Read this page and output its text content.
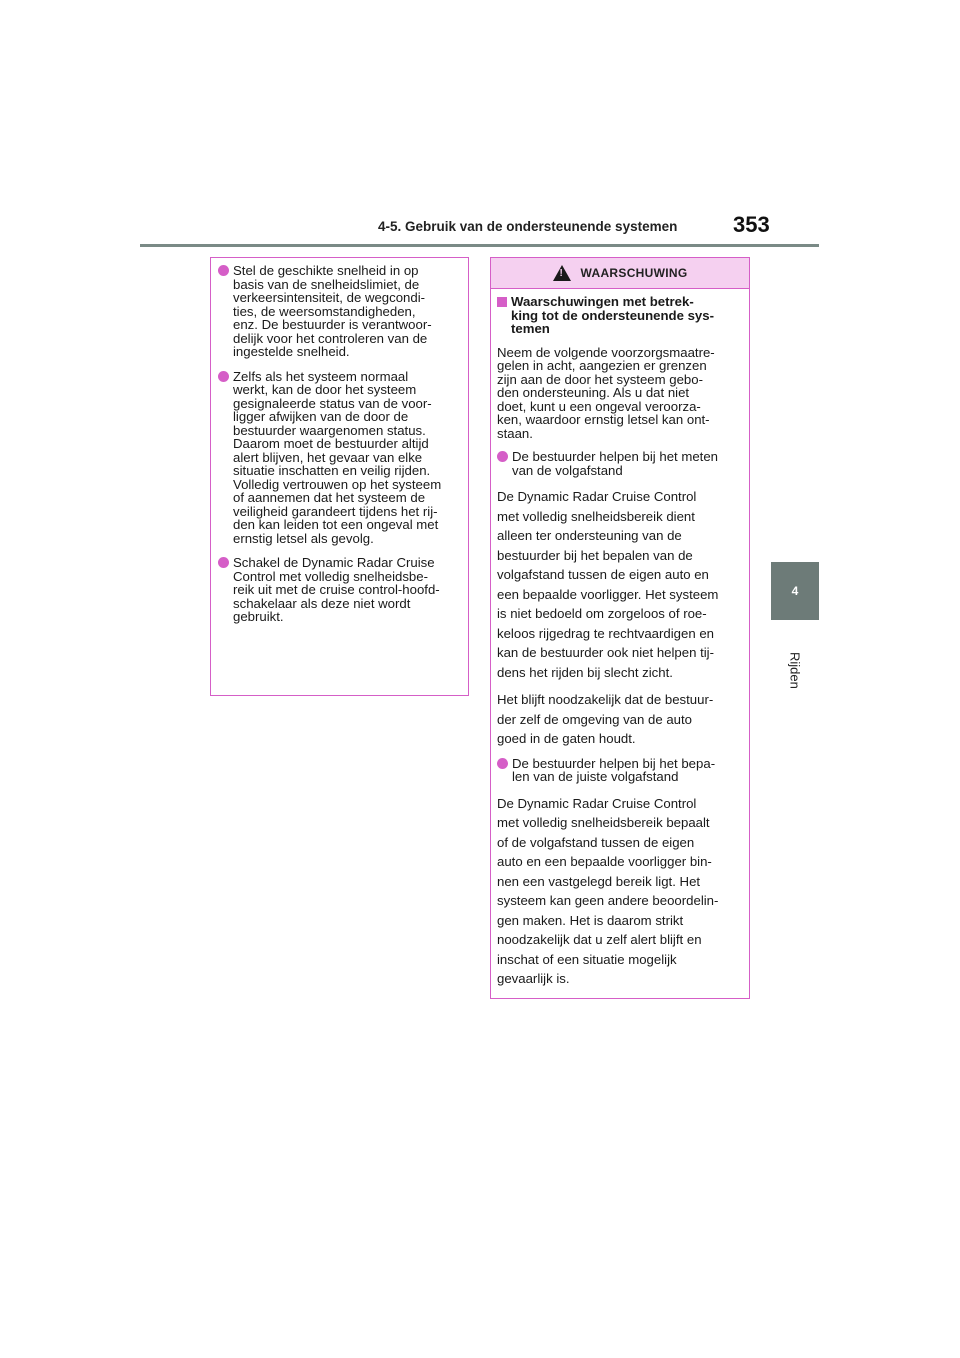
4-5. Gebruik van de ondersteunende systemen	353
4
Rijden
Stel de geschikte snelheid in op
basis van de snelheidslimiet, de
verkeersintensiteit, de wegcondi-
ties, de weersomstandigheden,
enz. De bestuurder is verantwoor-
delijk voor het controleren van de
ingestelde snelheid.
Zelfs als het systeem normaal
werkt, kan de door het systeem
gesignaleerde status van de voor-
ligger afwijken van de door de
bestuurder waargenomen status.
Daarom moet de bestuurder altijd
alert blijven, het gevaar van elke
situatie inschatten en veilig rijden.
Volledig vertrouwen op het systeem
of aannemen dat het systeem de
veiligheid garandeert tijdens het rij-
den kan leiden tot een ongeval met
ernstig letsel als gevolg.
Schakel de Dynamic Radar Cruise
Control met volledig snelheidsbe-
reik uit met de cruise control-hoofd-
schakelaar als deze niet wordt
gebruikt.
! WAARSCHUWING
Waarschuwingen met betrek-
king tot de ondersteunende sys-
temen
Neem de volgende voorzorgsmaatre-
gelen in acht, aangezien er grenzen
zijn aan de door het systeem gebo-
den ondersteuning. Als u dat niet
doet, kunt u een ongeval veroorza-
ken, waardoor ernstig letsel kan ont-
staan.
De bestuurder helpen bij het meten
van de volgafstand
De Dynamic Radar Cruise Control
met volledig snelheidsbereik dient
alleen ter ondersteuning van de
bestuurder bij het bepalen van de
volgafstand tussen de eigen auto en
een bepaalde voorligger. Het systeem
is niet bedoeld om zorgeloos of roe-
keloos rijgedrag te rechtvaardigen en
kan de bestuurder ook niet helpen tij-
dens het rijden bij slecht zicht.
Het blijft noodzakelijk dat de bestuur-
der zelf de omgeving van de auto
goed in de gaten houdt.
De bestuurder helpen bij het bepa-
len van de juiste volgafstand
De Dynamic Radar Cruise Control
met volledig snelheidsbereik bepaalt
of de volgafstand tussen de eigen
auto en een bepaalde voorligger bin-
nen een vastgelegd bereik ligt. Het
systeem kan geen andere beoordelin-
gen maken. Het is daarom strikt
noodzakelijk dat u zelf alert blijft en
inschat of een situatie mogelijk
gevaarlijk is.
